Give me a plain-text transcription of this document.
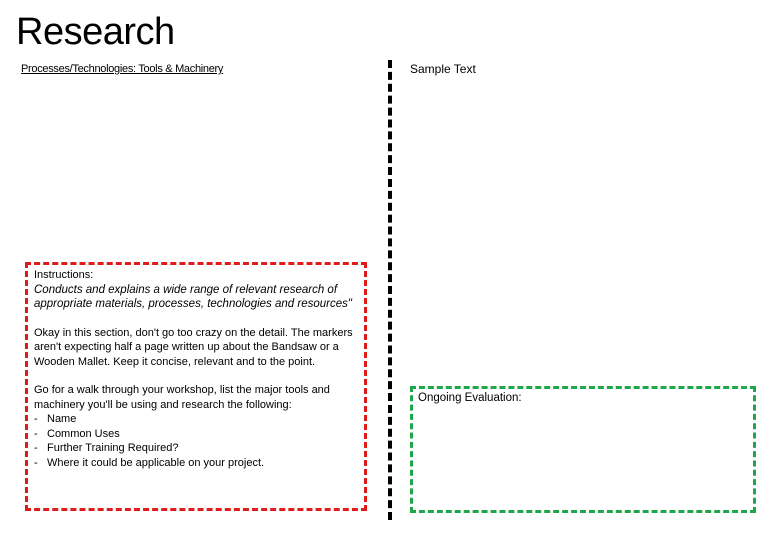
Research
Processes/Technologies: Tools & Machinery	Sample Text
Instructions:
Conducts and explains a wide range of relevant research of appropriate materials, processes, technologies and resources"
Okay in this section, don't go too crazy on the detail. The markers aren't expecting half a page written up about the Bandsaw or a Wooden Mallet. Keep it concise, relevant and to the point.
Go for a walk through your workshop, list the major tools and machinery you'll be using and research the following:
- Name
- Common Uses
- Further Training Required?
- Where it could be applicable on your project.
Ongoing Evaluation:
